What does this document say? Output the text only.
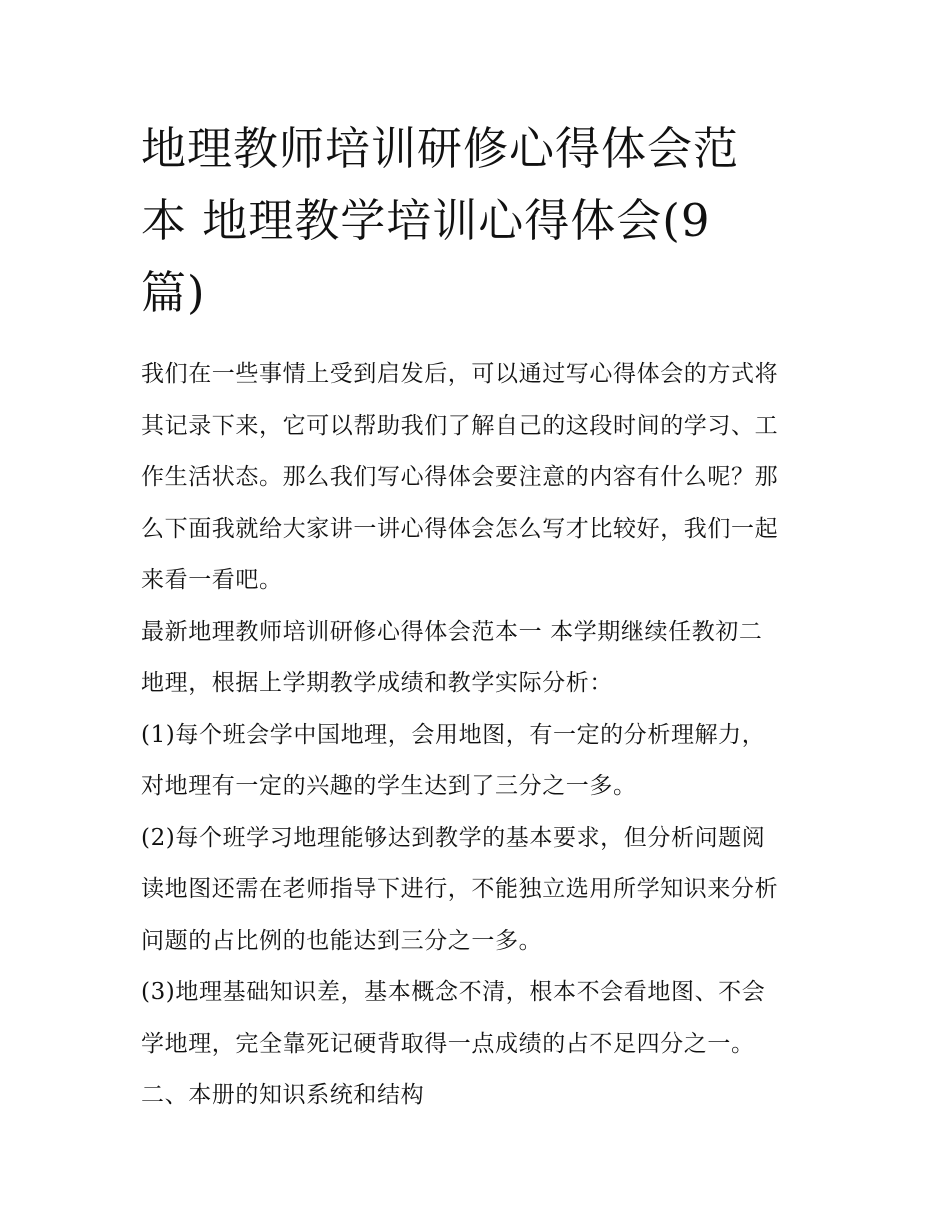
地理教师培训研修心得体会范
本 地理教学培训心得体会(9
篇)

我们在一些事情上受到启发后，可以通过写心得体会的方式将
其记录下来，它可以帮助我们了解自己的这段时间的学习、工
作生活状态。那么我们写心得体会要注意的内容有什么呢？那
么下面我就给大家讲一讲心得体会怎么写才比较好，我们一起
来看一看吧。

最新地理教师培训研修心得体会范本一 本学期继续任教初二
地理，根据上学期教学成绩和教学实际分析：

(1)每个班会学中国地理，会用地图，有一定的分析理解力，
对地理有一定的兴趣的学生达到了三分之一多。

(2)每个班学习地理能够达到教学的基本要求，但分析问题阅
读地图还需在老师指导下进行，不能独立选用所学知识来分析
问题的占比例的也能达到三分之一多。

(3)地理基础知识差，基本概念不清，根本不会看地图、不会
学地理，完全靠死记硬背取得一点成绩的占不足四分之一。

二、本册的知识系统和结构
